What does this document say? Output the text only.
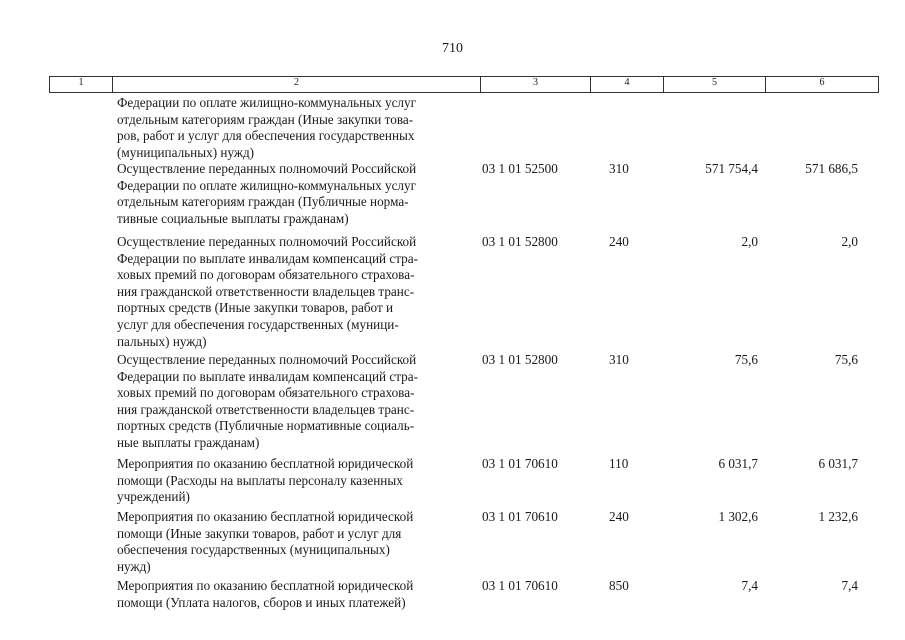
710
1	2	3	4	5	6
Федерации по оплате жилищно-коммунальных услуг
отдельным категориям граждан (Иные закупки това-
ров, работ и услуг для обеспечения государственных
(муниципальных) нужд)
Осуществление переданных полномочий Российской
Федерации по оплате жилищно-коммунальных услуг
отдельным категориям граждан (Публичные норма-
тивные социальные выплаты гражданам)
03 1 01 52500	310	571 754,4	571 686,5
Осуществление переданных полномочий Российской
Федерации по выплате инвалидам компенсаций стра-
ховых премий по договорам обязательного страхова-
ния гражданской ответственности владельцев транс-
портных средств (Иные закупки товаров, работ и
услуг для обеспечения государственных (муници-
пальных) нужд)
03 1 01 52800	240	2,0	2,0
Осуществление переданных полномочий Российской
Федерации по выплате инвалидам компенсаций стра-
ховых премий по договорам обязательного страхова-
ния гражданской ответственности владельцев транс-
портных средств (Публичные нормативные социаль-
ные выплаты гражданам)
03 1 01 52800	310	75,6	75,6
Мероприятия по оказанию бесплатной юридической
помощи (Расходы на выплаты персоналу казенных
учреждений)
03 1 01 70610	110	6 031,7	6 031,7
Мероприятия по оказанию бесплатной юридической
помощи (Иные закупки товаров, работ и услуг для
обеспечения государственных (муниципальных)
нужд)
03 1 01 70610	240	1 302,6	1 232,6
Мероприятия по оказанию бесплатной юридической
помощи (Уплата налогов, сборов и иных платежей)
03 1 01 70610	850	7,4	7,4
